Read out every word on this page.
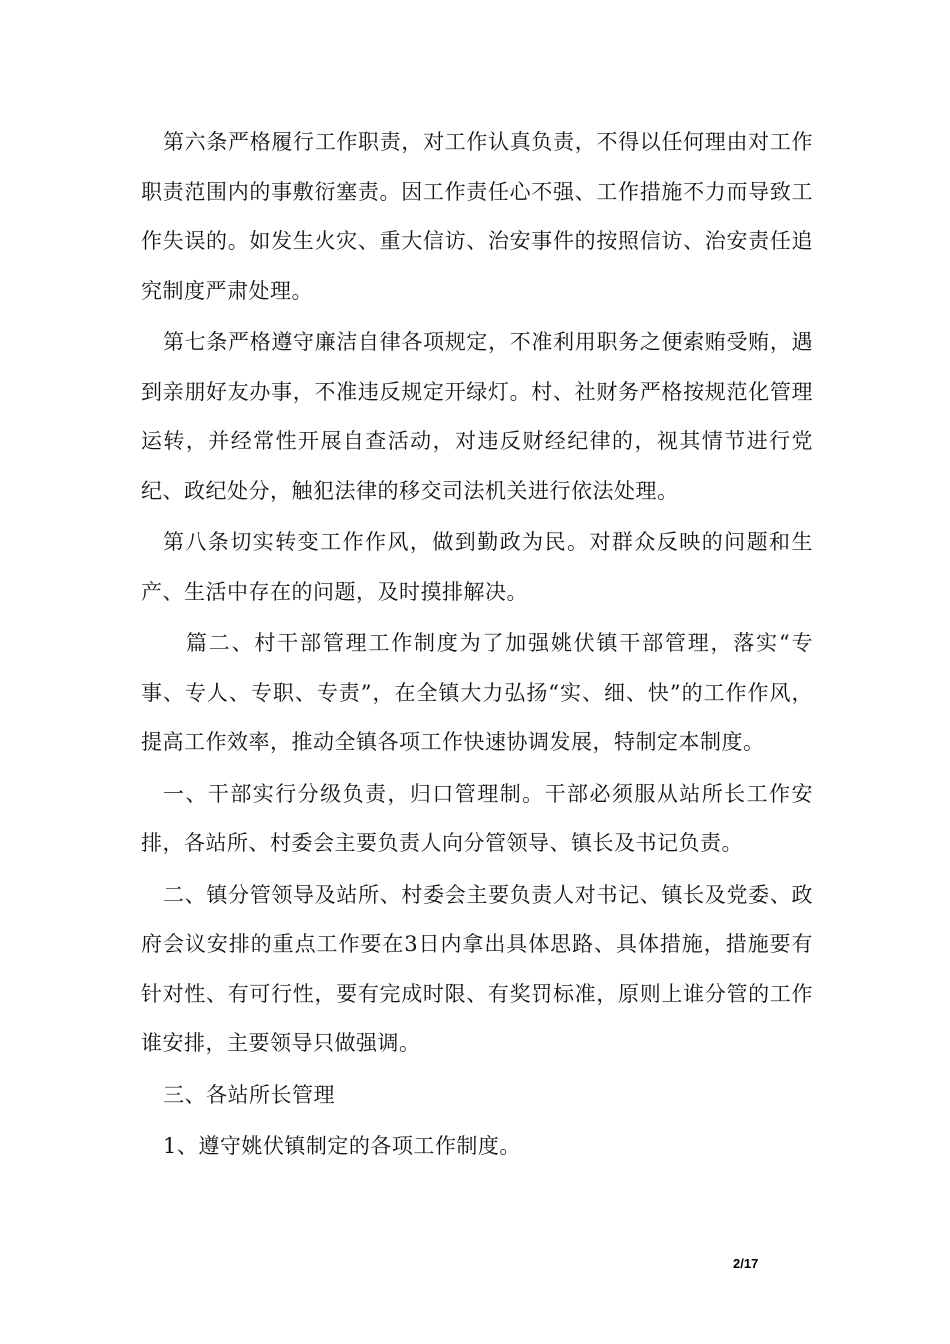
第六条严格履行工作职责，对工作认真负责，不得以任何理由对工作职责范围内的事敷衍塞责。因工作责任心不强、工作措施不力而导致工作失误的。如发生火灾、重大信访、治安事件的按照信访、治安责任追究制度严肃处理。

第七条严格遵守廉洁自律各项规定，不准利用职务之便索贿受贿，遇到亲朋好友办事，不准违反规定开绿灯。村、社财务严格按规范化管理运转，并经常性开展自查活动，对违反财经纪律的，视其情节进行党纪、政纪处分，触犯法律的移交司法机关进行依法处理。

第八条切实转变工作作风，做到勤政为民。对群众反映的问题和生产、生活中存在的问题，及时摸排解决。

篇二、村干部管理工作制度为了加强姚伏镇干部管理，落实“专事、专人、专职、专责”，在全镇大力弘扬“实、细、快”的工作作风，提高工作效率，推动全镇各项工作快速协调发展，特制定本制度。

一、干部实行分级负责，归口管理制。干部必须服从站所长工作安排，各站所、村委会主要负责人向分管领导、镇长及书记负责。

二、镇分管领导及站所、村委会主要负责人对书记、镇长及党委、政府会议安排的重点工作要在3日内拿出具体思路、具体措施，措施要有针对性、有可行性，要有完成时限、有奖罚标准，原则上谁分管的工作谁安排，主要领导只做强调。

三、各站所长管理

1、遵守姚伏镇制定的各项工作制度。

2/17
